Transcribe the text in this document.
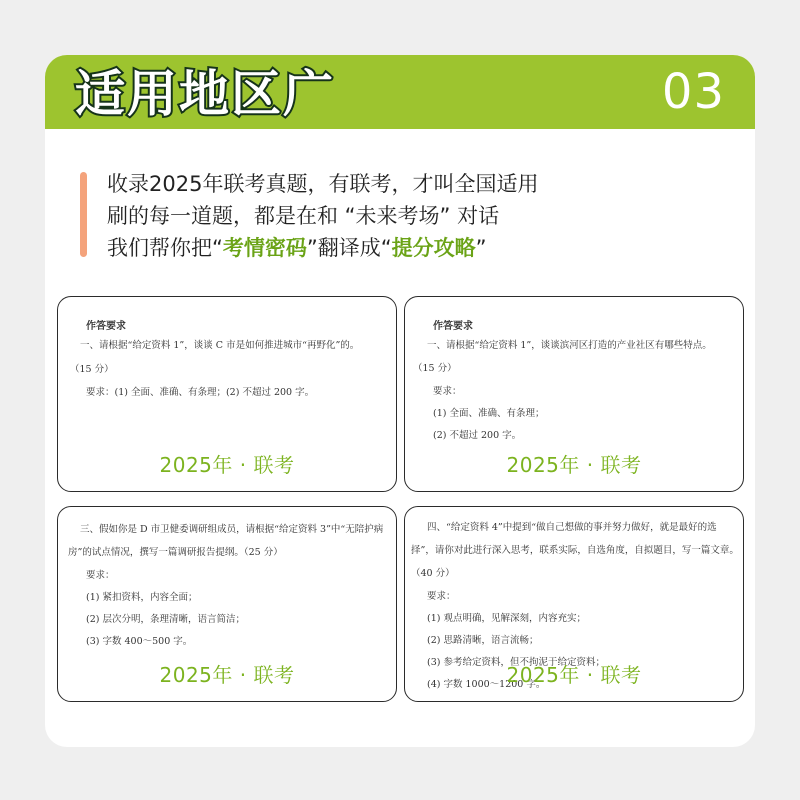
适用地区广	03
收录2025年联考真题，有联考，才叫全国适用
刷的每一道题，都是在和 “未来考场” 对话
我们帮你把“考情密码”翻译成“提分攻略”
作答要求
一、请根据“给定资料 1”，谈谈 C 市是如何推进城市“再野化”的。
（15 分）
要求：(1) 全面、准确、有条理；(2) 不超过 200 字。
2025年 · 联考
作答要求
一、请根据“给定资料 1”，谈谈滨河区打造的产业社区有哪些特点。
（15 分）
要求：
(1) 全面、准确、有条理；
(2) 不超过 200 字。
2025年 · 联考
三、假如你是 D 市卫健委调研组成员，请根据“给定资料 3”中“无陪护病
房”的试点情况，撰写一篇调研报告提纲。（25 分）
要求：
(1) 紧扣资料，内容全面；
(2) 层次分明，条理清晰，语言简洁；
(3) 字数 400～500 字。
2025年 · 联考
四、“给定资料 4”中提到“做自己想做的事并努力做好，就是最好的选
择”，请你对此进行深入思考，联系实际，自选角度，自拟题目，写一篇文章。
（40 分）
要求：
(1) 观点明确，见解深刻，内容充实；
(2) 思路清晰，语言流畅；
(3) 参考给定资料，但不拘泥于给定资料；
(4) 字数 1000～1200 字。
2025年 · 联考
